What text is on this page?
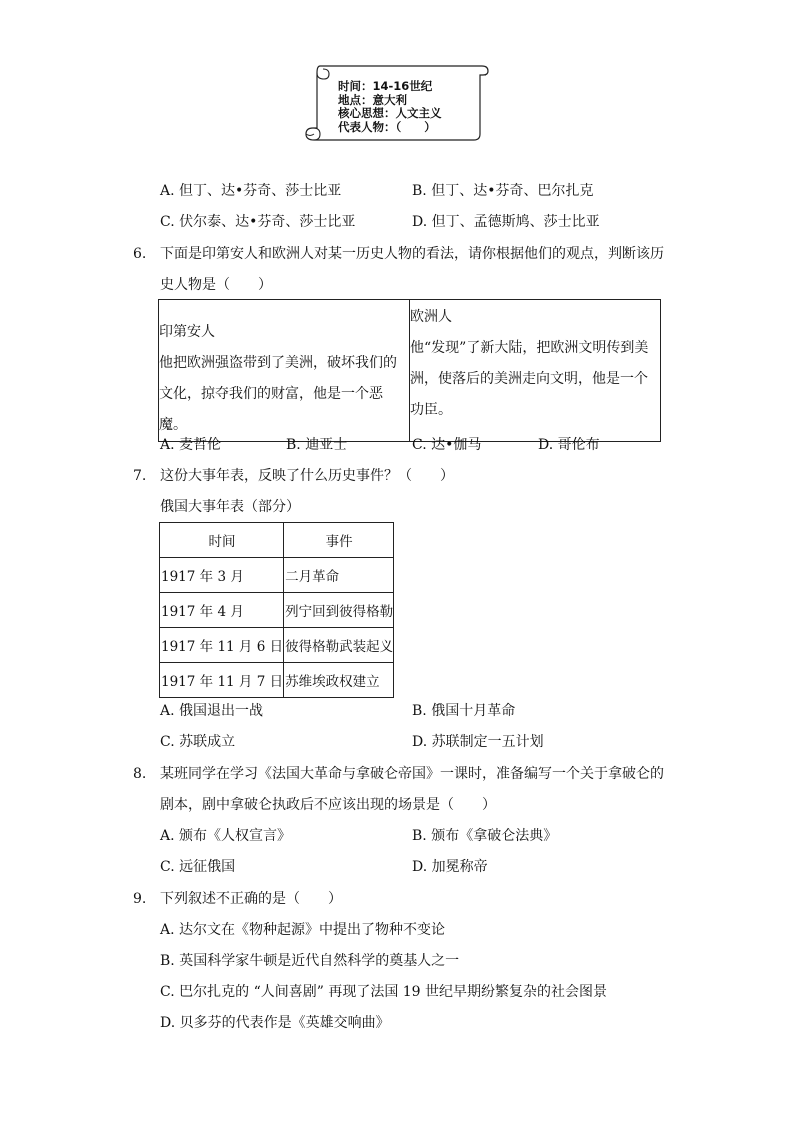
时间：14-16世纪
地点：意大利
核心思想：人文主义
代表人物：（　　）
A. 但丁、达•芬奇、莎士比亚	B. 但丁、达•芬奇、巴尔扎克
C. 伏尔泰、达•芬奇、莎士比亚	D. 但丁、孟德斯鸠、莎士比亚
6. 下面是印第安人和欧洲人对某一历史人物的看法，请你根据他们的观点，判断该历
史人物是（　　）
印第安人
他把欧洲强盗带到了美洲，破坏我们的文化，掠夺我们的财富，他是一个恶魔。

欧洲人
他“发现”了新大陆，把欧洲文明传到美洲，使落后的美洲走向文明，他是一个功臣。
A. 麦哲伦	B. 迪亚士	C. 达•伽马	D. 哥伦布
7. 这份大事年表，反映了什么历史事件？（　　）
俄国大事年表（部分）
时间	事件
1917 年 3 月	二月革命
1917 年 4 月	列宁回到彼得格勒
1917 年 11 月 6 日	彼得格勒武装起义
1917 年 11 月 7 日	苏维埃政权建立
A. 俄国退出一战	B. 俄国十月革命
C. 苏联成立	D. 苏联制定一五计划
8. 某班同学在学习《法国大革命与拿破仑帝国》一课时，准备编写一个关于拿破仑的
剧本，剧中拿破仑执政后不应该出现的场景是（　　）
A. 颁布《人权宣言》	B. 颁布《拿破仑法典》
C. 远征俄国	D. 加冕称帝
9. 下列叙述不正确的是（　　）
A. 达尔文在《物种起源》中提出了物种不变论
B. 英国科学家牛顿是近代自然科学的奠基人之一
C. 巴尔扎克的 “人间喜剧” 再现了法国 19 世纪早期纷繁复杂的社会图景
D. 贝多芬的代表作是《英雄交响曲》
